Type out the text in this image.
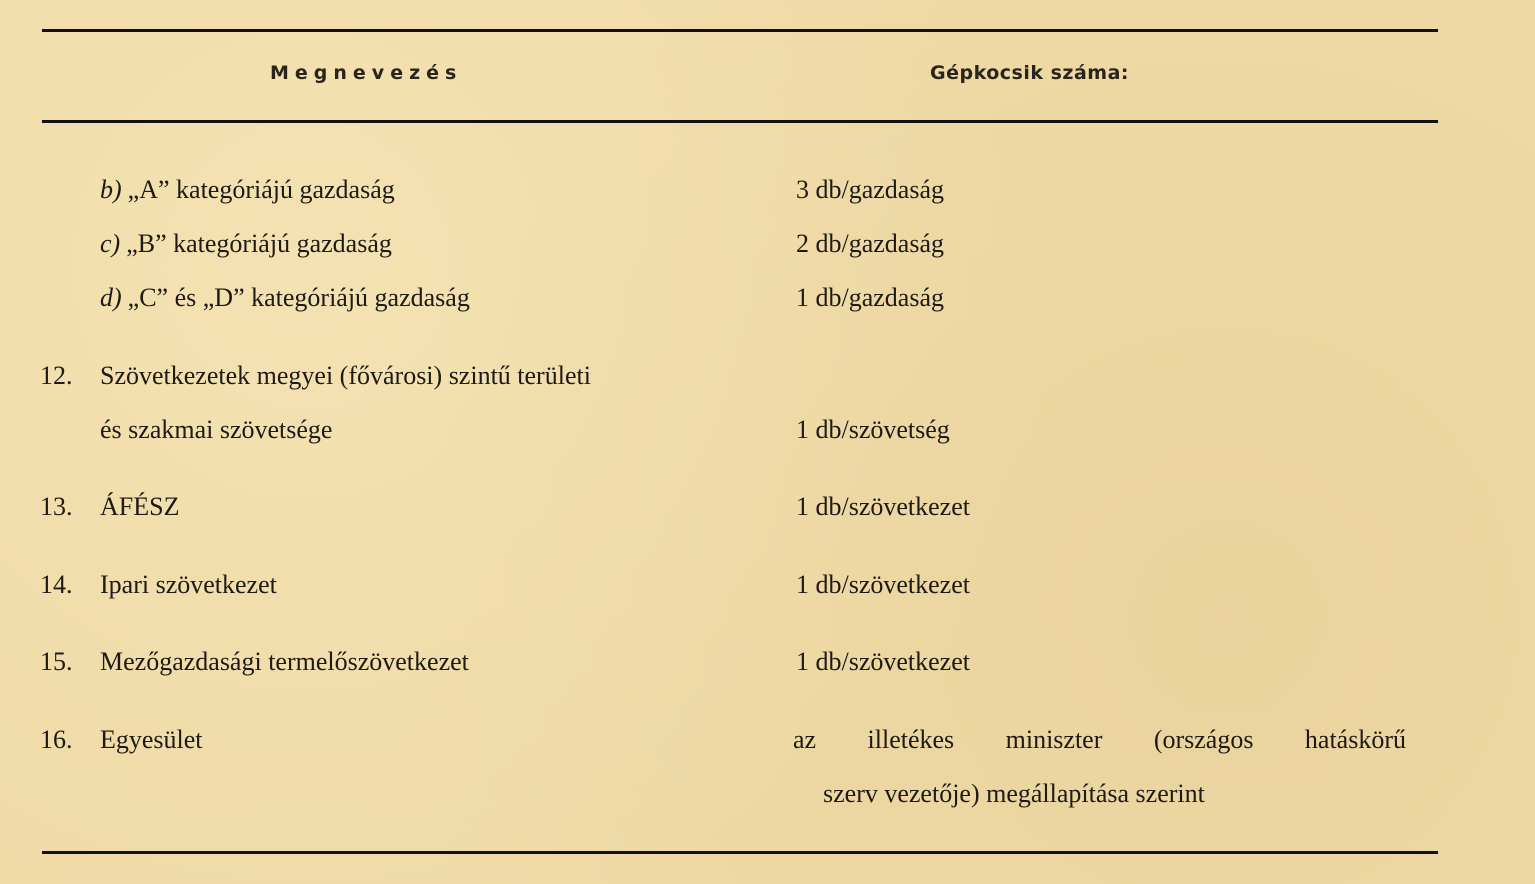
Megnevezés	Gépkocsik száma:
b) „A” kategóriájú gazdaság	3 db/gazdaság
c) „B” kategóriájú gazdaság	2 db/gazdaság
d) „C” és „D” kategóriájú gazdaság	1 db/gazdaság
12. Szövetkezetek megyei (fővárosi) szintű területi
és szakmai szövetsége	1 db/szövetség
13. ÁFÉSZ	1 db/szövetkezet
14. Ipari szövetkezet	1 db/szövetkezet
15. Mezőgazdasági termelőszövetkezet	1 db/szövetkezet
16. Egyesület	az illetékes miniszter (országos hatáskörű
szerv vezetője) megállapítása szerint
